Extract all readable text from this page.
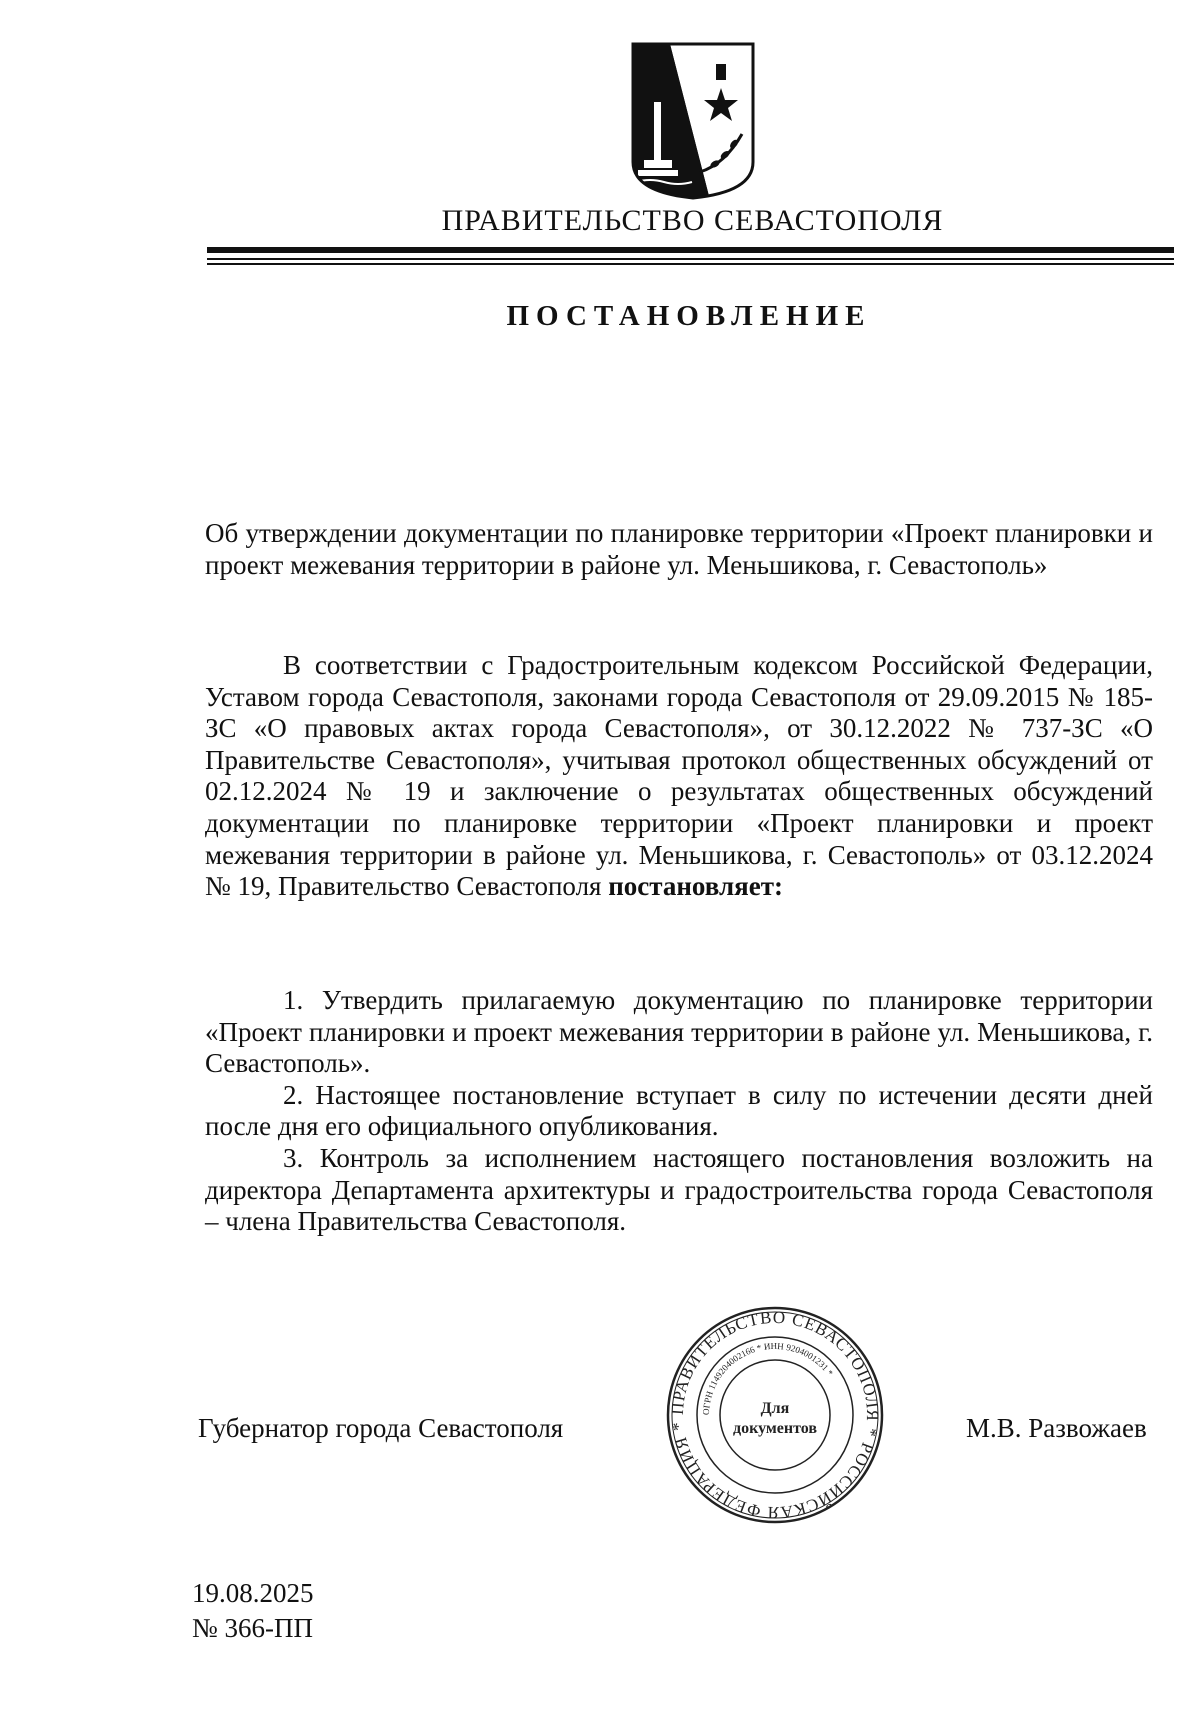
ПРАВИТЕЛЬСТВО СЕВАСТОПОЛЯ
ПОСТАНОВЛЕНИЕ

Об утверждении документации по планировке территории «Проект планировки и проект межевания территории в районе ул. Меньшикова, г. Севастополь»

В соответствии с Градостроительным кодексом Российской Федерации, Уставом города Севастополя, законами города Севастополя от 29.09.2015 № 185-ЗС «О правовых актах города Севастополя», от 30.12.2022 № 737-ЗС «О Правительстве Севастополя», учитывая протокол общественных обсуждений от 02.12.2024 № 19 и заключение о результатах общественных обсуждений документации по планировке территории «Проект планировки и проект межевания территории в районе ул. Меньшикова, г. Севастополь» от 03.12.2024 № 19, Правительство Севастополя постановляет:

1. Утвердить прилагаемую документацию по планировке территории «Проект планировки и проект межевания территории в районе ул. Меньшикова, г. Севастополь».

2. Настоящее постановление вступает в силу по истечении десяти дней после дня его официального опубликования.

3. Контроль за исполнением настоящего постановления возложить на директора Департамента архитектуры и градостроительства города Севастополя – члена Правительства Севастополя.

Губернатор города Севастополя

ПРАВИТЕЛЬСТВО СЕВАСТОПОЛЯ * РОССИЙСКАЯ ФЕДЕРАЦИЯ *
ОГРН 1149204002166 * ИНН 9204001231 *
Для
документов	М.В. Развожаев

19.08.2025

№ 366-ПП
